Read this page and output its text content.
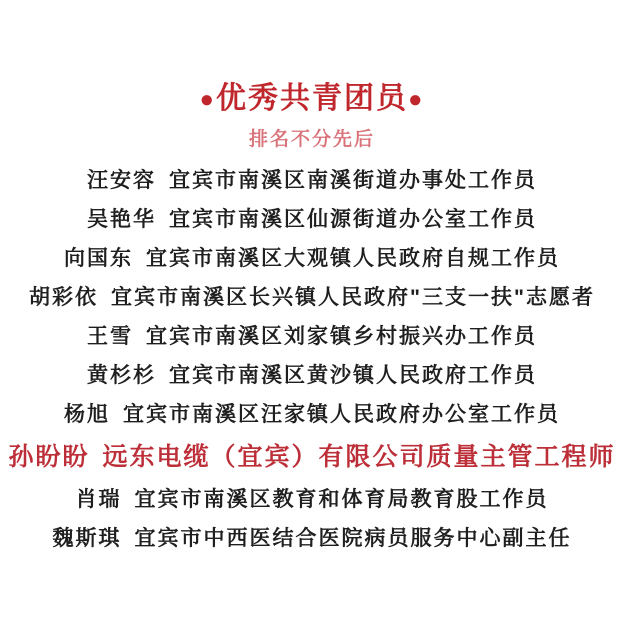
● 优秀共青团员 ●
排名不分先后
汪安容 宜宾市南溪区南溪街道办事处工作员
吴艳华 宜宾市南溪区仙源街道办公室工作员
向国东 宜宾市南溪区大观镇人民政府自规工作员
胡彩依 宜宾市南溪区长兴镇人民政府"三支一扶"志愿者
王雪 宜宾市南溪区刘家镇乡村振兴办工作员
黄杉杉 宜宾市南溪区黄沙镇人民政府工作员
杨旭 宜宾市南溪区汪家镇人民政府办公室工作员
孙盼盼 远东电缆（宜宾）有限公司质量主管工程师
肖瑞 宜宾市南溪区教育和体育局教育股工作员
魏斯琪 宜宾市中西医结合医院病员服务中心副主任
